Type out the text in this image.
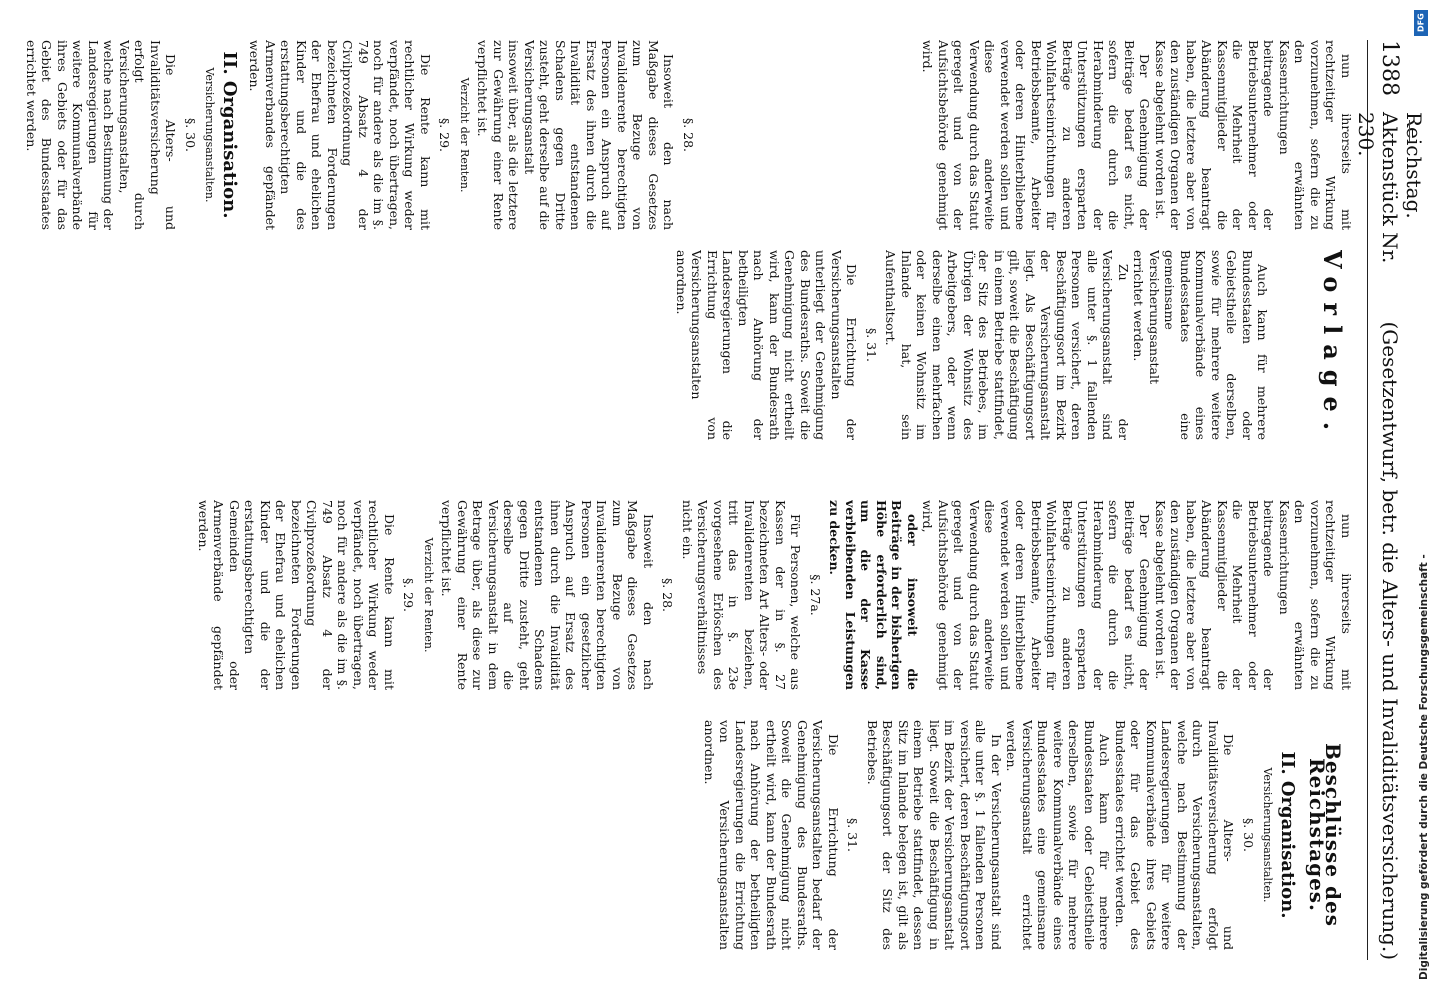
1388
Reichstag. Aktenstück Nr. 230.
(Gesetzentwurf, betr. die Alters- und Invaliditätsversicherung.)

nun ihrerseits mit rechtzeitiger Wirkung vorzunehmen, sofern die zu den erwähnten Kassenrichtungen beitragende der Betriebsunternehmer oder die Mehrheit der Kassenmitglieder die Abänderung beantragt haben, die letztere aber von den zuständigen Organen der Kasse abgelehnt worden ist.

Der Genehmigung der Beiträge bedarf es nicht, sofern die durch die Herabminderung der Unterstützungen ersparten Beträge zu anderen Wohlfahrtseinrichtungen für Betriebsbeamte, Arbeiter oder deren Hinterbliebene verwendet werden sollen und diese anderweite Verwendung durch das Statut geregelt und von der Aufsichtsbehörde genehmigt wird.

§. 28.

Insoweit den nach Maßgabe dieses Gesetzes zum Bezuge von Invalidenrente berechtigten Personen ein Anspruch auf Ersatz des ihnen durch die Invalidität entstandenen Schadens gegen Dritte zusteht, geht derselbe auf die Versicherungsanstalt insoweit über, als die letztere zur Gewährung einer Rente verpflichtet ist.

Verzicht der Renten.

§. 29.

Die Rente kann mit rechtlicher Wirkung weder verpfändet, noch übertragen, noch für andere als die im §. 749 Absatz 4 der Civilprozeßordnung bezeichneten Forderungen der Ehefrau und ehelichen Kinder und die des erstattungsberechtigten Armenverbandes gepfändet werden.

II. Organisation.

Versicherungsanstalten.

§. 30.

Die Alters- und Invaliditätsversicherung erfolgt durch Versicherungsanstalten, welche nach Bestimmung der Landesregierungen für weitere Kommunalverbände ihres Gebiets oder für das Gebiet des Bundesstaates errichtet werden.

Vorlage.

Auch kann für mehrere Bundesstaaten oder Gebietstheile derselben, sowie für mehrere weitere Kommunalverbände eines Bundesstaates eine gemeinsame Versicherungsanstalt errichtet werden.

Zu der Versicherungsanstalt sind alle unter §. 1 fallenden Personen versichert, deren Beschäftigungsort im Bezirk der Versicherungsanstalt liegt. Als Beschäftigungsort gilt, soweit die Beschäftigung in einem Betriebe stattfindet, der Sitz des Betriebes, im Übrigen der Wohnsitz des Arbeitgebers, oder wenn derselbe einen mehrfachen oder keinen Wohnsitz im Inlande hat, sein Aufenthaltsort.

§. 31.

Die Errichtung der Versicherungsanstalten unterliegt der Genehmigung des Bundesraths. Soweit die Genehmigung nicht ertheilt wird, kann der Bundesrath nach Anhörung der betheiligten Landesregierungen die Errichtung von Versicherungsanstalten anordnen.

nun ihrerseits mit rechtzeitiger Wirkung vorzunehmen, sofern die zu den erwähnten Kassenrichtungen beitragende der Betriebsunternehmer oder die Mehrheit der Kassenmitglieder die Abänderung beantragt haben, die letztere aber von den zuständigen Organen der Kasse abgelehnt worden ist.

Der Genehmigung der Beiträge bedarf es nicht, sofern die durch die Herabminderung der Unterstützungen ersparten Beträge zu anderen Wohlfahrtseinrichtungen für Betriebsbeamte, Arbeiter oder deren Hinterbliebene verwendet werden sollen und diese anderweite Verwendung durch das Statut geregelt und von der Aufsichtsbehörde genehmigt wird,

oder insoweit die Beiträge in der bisherigen Höhe erforderlich sind, um die der Kasse verbleibenden Leistungen zu decken.

§. 27a.

Für Personen, welche aus Kassen der in §. 27 bezeichneten Art Alters- oder Invalidenrenten beziehen, tritt das in §. 23e vorgesehene Erlöschen des Versicherungsverhältnisses nicht ein.

§. 28.

Insoweit den nach Maßgabe dieses Gesetzes zum Bezuge von Invalidenrenten berechtigten Personen ein gesetzlicher Anspruch auf Ersatz des ihnen durch die Invalidität entstandenen Schadens gegen Dritte zusteht, geht derselbe auf die Versicherungsanstalt in dem Betrage über, als diese zur Gewährung einer Rente verpflichtet ist.

Verzicht der Renten.

§. 29.

Die Rente kann mit rechtlicher Wirkung weder verpfändet, noch übertragen, noch für andere als die im §. 749 Absatz 4 der Civilprozeßordnung bezeichneten Forderungen der Ehefrau und ehelichen Kinder und die der erstattungsberechtigten Gemeinden oder Armenverbände gepfändet werden.

Beschlüsse des Reichstages.
II. Organisation.

Versicherungsanstalten.

§. 30.

Die Alters- und Invaliditätsversicherung erfolgt durch Versicherungsanstalten, welche nach Bestimmung der Landesregierungen für weitere Kommunalverbände ihres Gebiets oder für das Gebiet des Bundesstaates errichtet werden.

Auch kann für mehrere Bundesstaaten oder Gebietstheile derselben, sowie für mehrere weitere Kommunalverbände eines Bundesstaates eine gemeinsame Versicherungsanstalt errichtet werden.

In der Versicherungsanstalt sind alle unter §. 1 fallenden Personen versichert, deren Beschäftigungsort im Bezirk der Versicherungsanstalt liegt. Soweit die Beschäftigung in einem Betriebe stattfindet, dessen Sitz im Inlande belegen ist, gilt als Beschäftigungsort der Sitz des Betriebes.

§. 31.

Die Errichtung der Versicherungsanstalten bedarf der Genehmigung des Bundesraths. Soweit die Genehmigung nicht ertheilt wird, kann der Bundesrath nach Anhörung der betheiligten Landesregierungen die Errichtung von Versicherungsanstalten anordnen.

DFG
Digitalisierung gefördert durch die Deutsche Forschungsgemeinschaft -
